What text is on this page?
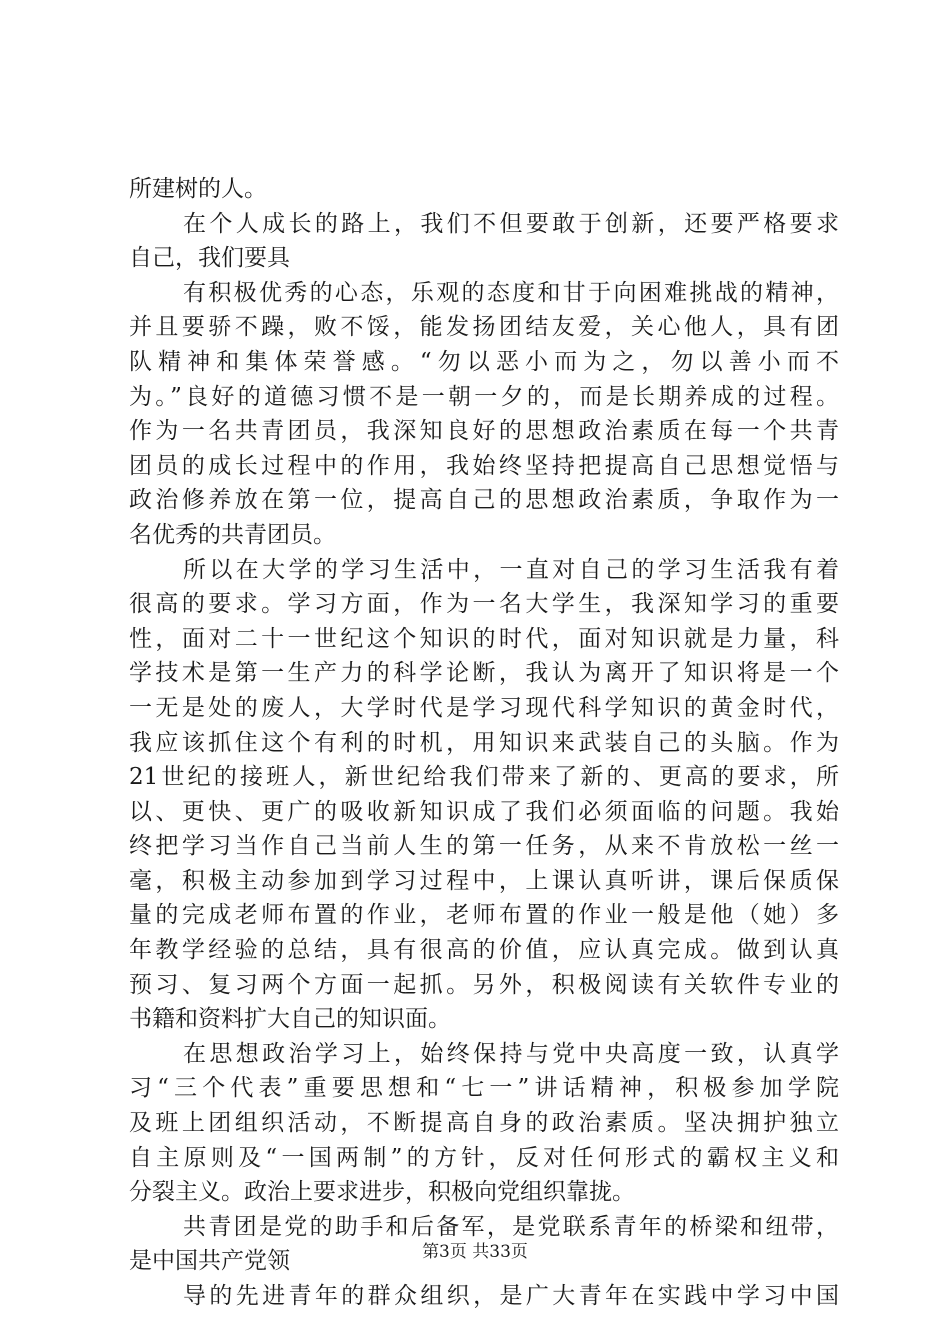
所建树的人。
在个人成长的路上，我们不但要敢于创新，还要严格要求
自己，我们要具
有积极优秀的心态，乐观的态度和甘于向困难挑战的精神，
并且要骄不躁，败不馁，能发扬团结友爱，关心他人，具有团
队精神和集体荣誉感。“勿以恶小而为之，勿以善小而不
为。”良好的道德习惯不是一朝一夕的，而是长期养成的过程。
作为一名共青团员，我深知良好的思想政治素质在每一个共青
团员的成长过程中的作用，我始终坚持把提高自己思想觉悟与
政治修养放在第一位，提高自己的思想政治素质，争取作为一
名优秀的共青团员。
所以在大学的学习生活中，一直对自己的学习生活我有着
很高的要求。学习方面，作为一名大学生，我深知学习的重要
性，面对二十一世纪这个知识的时代，面对知识就是力量，科
学技术是第一生产力的科学论断，我认为离开了知识将是一个
一无是处的废人，大学时代是学习现代科学知识的黄金时代，
我应该抓住这个有利的时机，用知识来武装自己的头脑。作为
21世纪的接班人，新世纪给我们带来了新的、更高的要求，所
以、更快、更广的吸收新知识成了我们必须面临的问题。我始
终把学习当作自己当前人生的第一任务，从来不肯放松一丝一
毫，积极主动参加到学习过程中，上课认真听讲，课后保质保
量的完成老师布置的作业，老师布置的作业一般是他（她）多
年教学经验的总结，具有很高的价值，应认真完成。做到认真
预习、复习两个方面一起抓。另外，积极阅读有关软件专业的
书籍和资料扩大自己的知识面。
在思想政治学习上，始终保持与党中央高度一致，认真学
习“三个代表”重要思想和“七一”讲话精神，积极参加学院
及班上团组织活动，不断提高自身的政治素质。坚决拥护独立
自主原则及“一国两制”的方针，反对任何形式的霸权主义和
分裂主义。政治上要求进步，积极向党组织靠拢。
共青团是党的助手和后备军，是党联系青年的桥梁和纽带，
是中国共产党领
导的先进青年的群众组织，是广大青年在实践中学习中国
第3页 共33页
